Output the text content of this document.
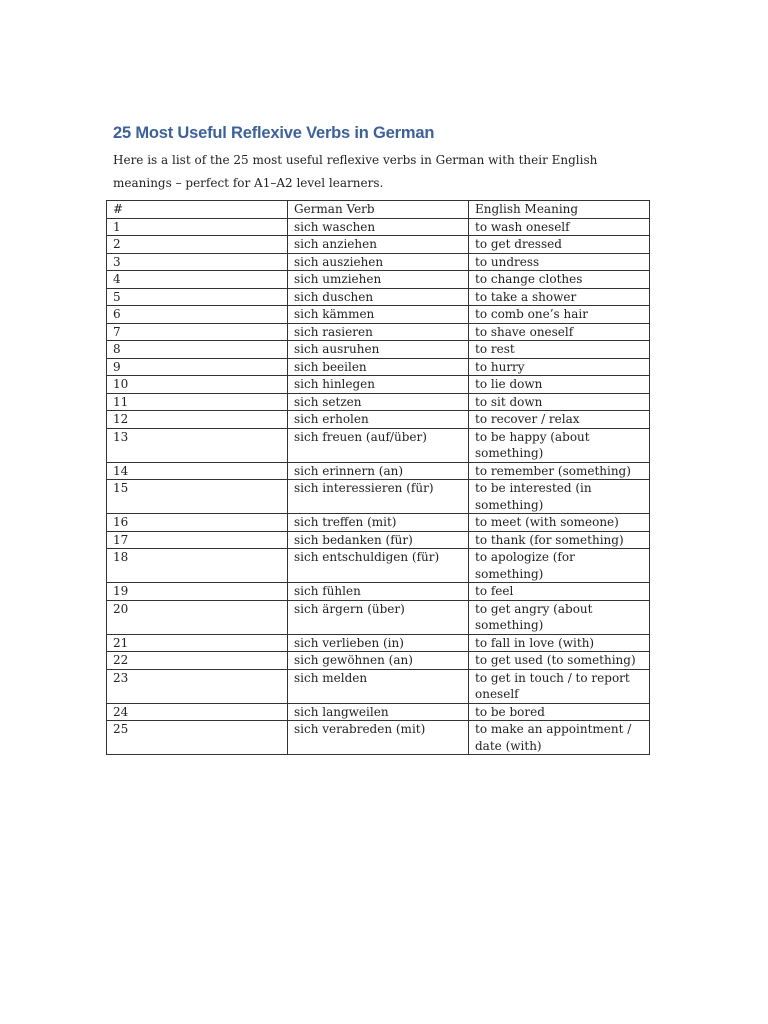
25 Most Useful Reflexive Verbs in German

Here is a list of the 25 most useful reflexive verbs in German with their English meanings – perfect for A1–A2 level learners.

#	German Verb	English Meaning
1	sich waschen	to wash oneself
2	sich anziehen	to get dressed
3	sich ausziehen	to undress
4	sich umziehen	to change clothes
5	sich duschen	to take a shower
6	sich kämmen	to comb one’s hair
7	sich rasieren	to shave oneself
8	sich ausruhen	to rest
9	sich beeilen	to hurry
10	sich hinlegen	to lie down
11	sich setzen	to sit down
12	sich erholen	to recover / relax
13	sich freuen (auf/über)	to be happy (about something)
14	sich erinnern (an)	to remember (something)
15	sich interessieren (für)	to be interested (in something)
16	sich treffen (mit)	to meet (with someone)
17	sich bedanken (für)	to thank (for something)
18	sich entschuldigen (für)	to apologize (for something)
19	sich fühlen	to feel
20	sich ärgern (über)	to get angry (about something)
21	sich verlieben (in)	to fall in love (with)
22	sich gewöhnen (an)	to get used (to something)
23	sich melden	to get in touch / to report oneself
24	sich langweilen	to be bored
25	sich verabreden (mit)	to make an appointment / date (with)
